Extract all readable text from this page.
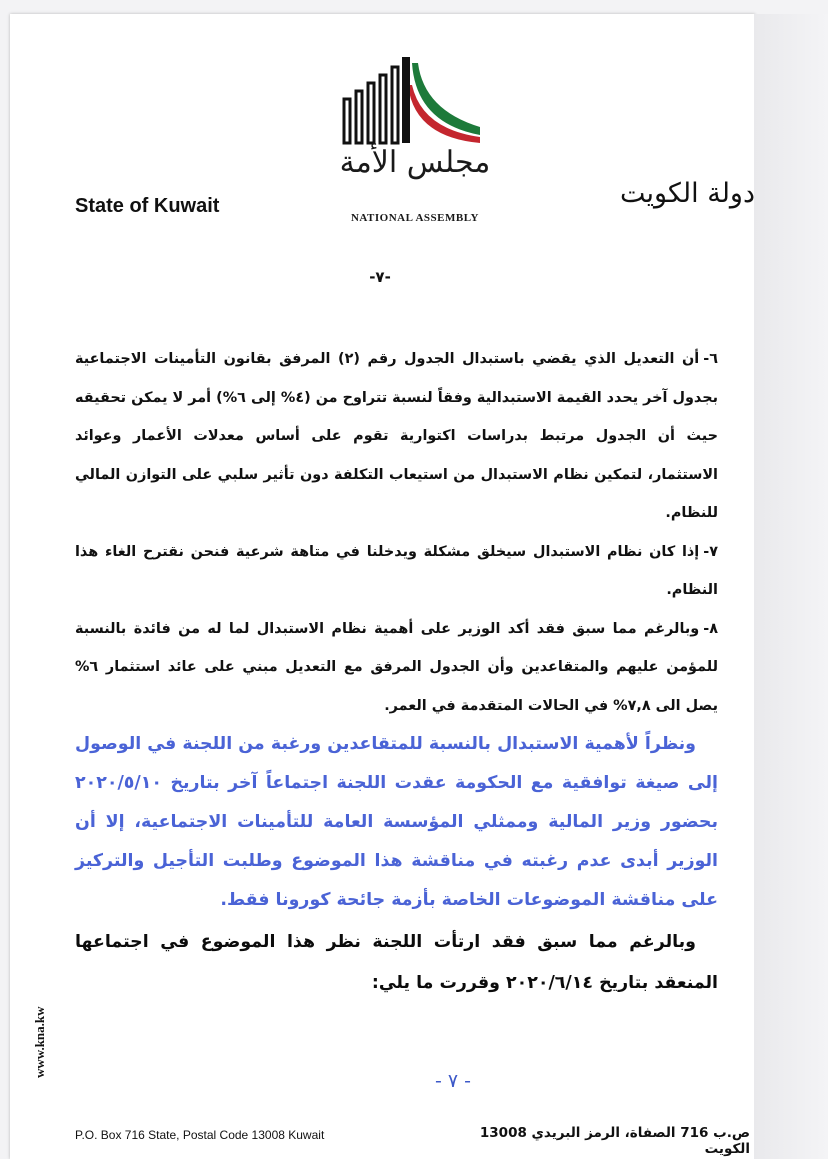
مجلس الأمة
NATIONAL ASSEMBLY
State of Kuwait	دولة الكويت
-٧-

٦-أن التعديل الذي يقضي باستبدال الجدول رقم (٢) المرفق بقانون التأمينات الاجتماعية بجدول آخر يحدد القيمة الاستبدالية وفقاً لنسبة تتراوح من (٤% إلى ٦%) أمر لا يمكن تحقيقه حيث أن الجدول مرتبط بدراسات اكتوارية تقوم على أساس معدلات الأعمار وعوائد الاستثمار، لتمكين نظام الاستبدال من استيعاب التكلفة دون تأثير سلبي على التوازن المالي للنظام.

٧-إذا كان نظام الاستبدال سيخلق مشكلة ويدخلنا في متاهة شرعية فنحن نقترح الغاء هذا النظام.

٨-وبالرغم مما سبق فقد أكد الوزير على أهمية نظام الاستبدال لما له من فائدة بالنسبة للمؤمن عليهم والمتقاعدين وأن الجدول المرفق مع التعديل مبني على عائد استثمار ٦% يصل الى ٧,٨% في الحالات المتقدمة في العمر.

ونظراً لأهمية الاستبدال بالنسبة للمتقاعدين ورغبة من اللجنة في الوصول إلى صيغة توافقية مع الحكومة عقدت اللجنة اجتماعاً آخر بتاريخ ٢٠٢٠/٥/١٠ بحضور وزير المالية وممثلي المؤسسة العامة للتأمينات الاجتماعية، إلا أن الوزير أبدى عدم رغبته في مناقشة هذا الموضوع وطلبت التأجيل والتركيز على مناقشة الموضوعات الخاصة بأزمة جائحة كورونا فقط.

وبالرغم مما سبق فقد ارتأت اللجنة نظر هذا الموضوع في اجتماعها المنعقد بتاريخ ٢٠٢٠/٦/١٤ وقررت ما يلي:

www.kna.kw
- ٧ -
P.O. Box 716 State, Postal Code 13008 Kuwait	ص.ب 716 الصفاة، الرمز البريدي 13008 الكويت
